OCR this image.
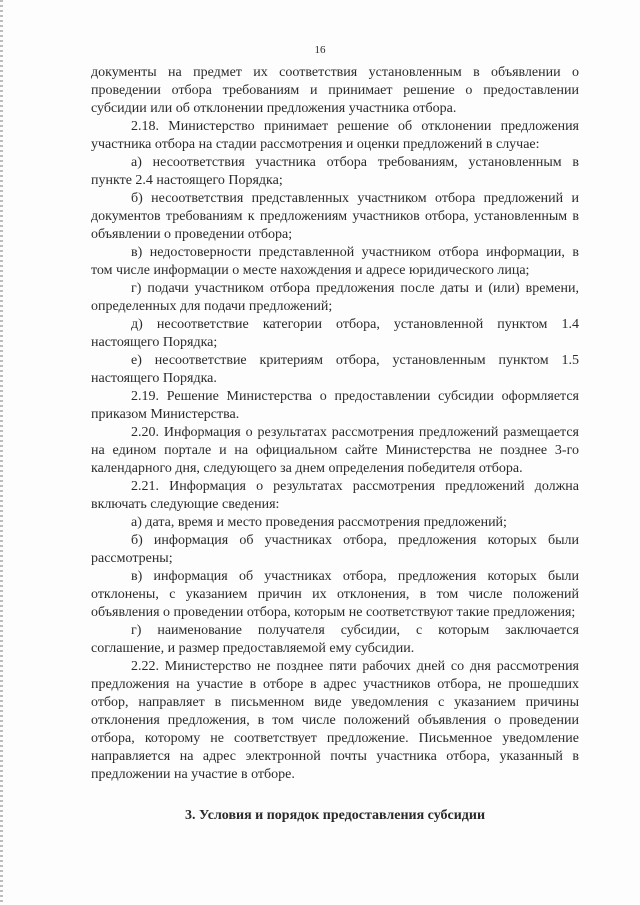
16

документы на предмет их соответствия установленным в объявлении о проведении отбора требованиям и принимает решение о предоставлении субсидии или об отклонении предложения участника отбора.

2.18. Министерство принимает решение об отклонении предложения участника отбора на стадии рассмотрения и оценки предложений в случае:

а) несоответствия участника отбора требованиям, установленным в пункте 2.4 настоящего Порядка;

б) несоответствия представленных участником отбора предложений и документов требованиям к предложениям участников отбора, установленным в объявлении о проведении отбора;

в) недостоверности представленной участником отбора информации, в том числе информации о месте нахождения и адресе юридического лица;

г) подачи участником отбора предложения после даты и (или) времени, определенных для подачи предложений;

д) несоответствие категории отбора, установленной пунктом 1.4 настоящего Порядка;

е) несоответствие критериям отбора, установленным пунктом 1.5 настоящего Порядка.

2.19. Решение Министерства о предоставлении субсидии оформляется приказом Министерства.

2.20. Информация о результатах рассмотрения предложений размещается на едином портале и на официальном сайте Министерства не позднее 3-го календарного дня, следующего за днем определения победителя отбора.

2.21. Информация о результатах рассмотрения предложений должна включать следующие сведения:

а) дата, время и место проведения рассмотрения предложений;

б) информация об участниках отбора, предложения которых были рассмотрены;

в) информация об участниках отбора, предложения которых были отклонены, с указанием причин их отклонения, в том числе положений объявления о проведении отбора, которым не соответствуют такие предложения;

г) наименование получателя субсидии, с которым заключается соглашение, и размер предоставляемой ему субсидии.

2.22. Министерство не позднее пяти рабочих дней со дня рассмотрения предложения на участие в отборе в адрес участников отбора, не прошедших отбор, направляет в письменном виде уведомления с указанием причины отклонения предложения, в том числе положений объявления о проведении отбора, которому не соответствует предложение. Письменное уведомление направляется на адрес электронной почты участника отбора, указанный в предложении на участие в отборе.

3. Условия и порядок предоставления субсидии
